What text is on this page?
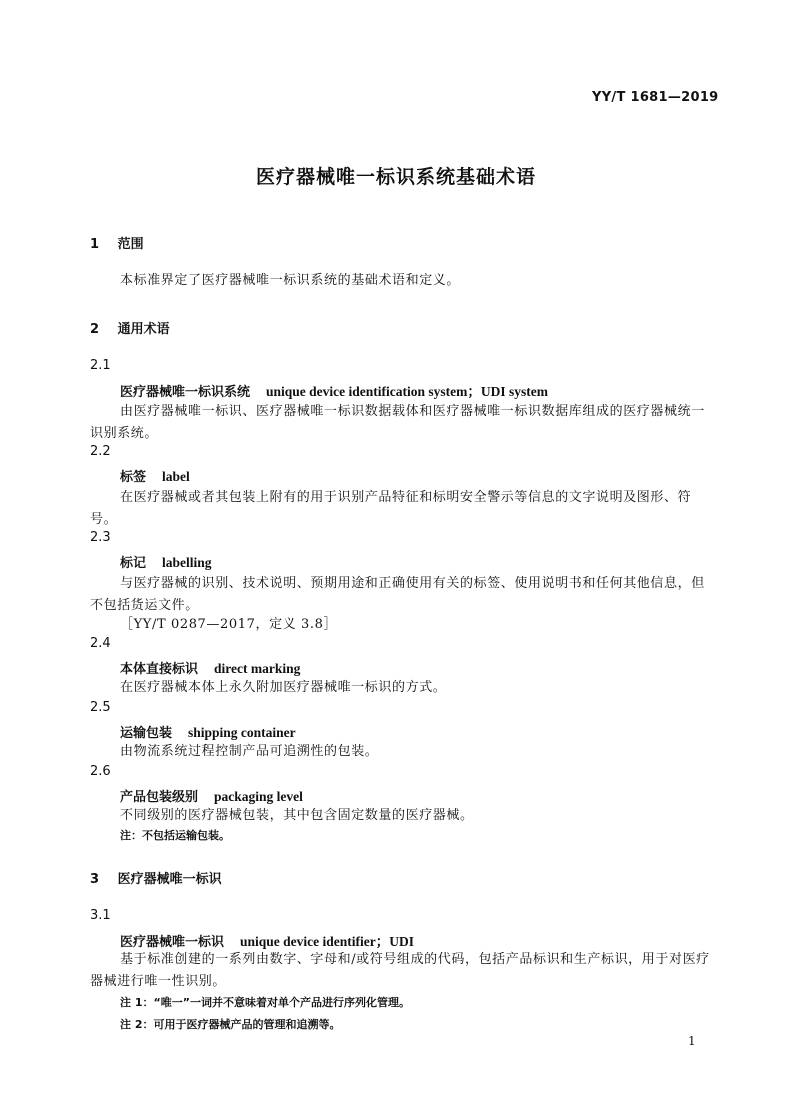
YY/T 1681—2019
医疗器械唯一标识系统基础术语
1 范围
本标准界定了医疗器械唯一标识系统的基础术语和定义。
2 通用术语
2.1
医疗器械唯一标识系统 unique device identification system；UDI system
由医疗器械唯一标识、医疗器械唯一标识数据载体和医疗器械唯一标识数据库组成的医疗器械统一识别系统。
2.2
标签 label
在医疗器械或者其包装上附有的用于识别产品特征和标明安全警示等信息的文字说明及图形、符号。
2.3
标记 labelling
与医疗器械的识别、技术说明、预期用途和正确使用有关的标签、使用说明书和任何其他信息，但不包括货运文件。
［YY/T 0287—2017，定义 3.8］
2.4
本体直接标识 direct marking
在医疗器械本体上永久附加医疗器械唯一标识的方式。
2.5
运输包装 shipping container
由物流系统过程控制产品可追溯性的包装。
2.6
产品包装级别 packaging level
不同级别的医疗器械包装，其中包含固定数量的医疗器械。
注：不包括运输包装。
3 医疗器械唯一标识
3.1
医疗器械唯一标识 unique device identifier；UDI
基于标准创建的一系列由数字、字母和/或符号组成的代码，包括产品标识和生产标识，用于对医疗器械进行唯一性识别。
注 1：“唯一”一词并不意味着对单个产品进行序列化管理。
注 2：可用于医疗器械产品的管理和追溯等。
1
